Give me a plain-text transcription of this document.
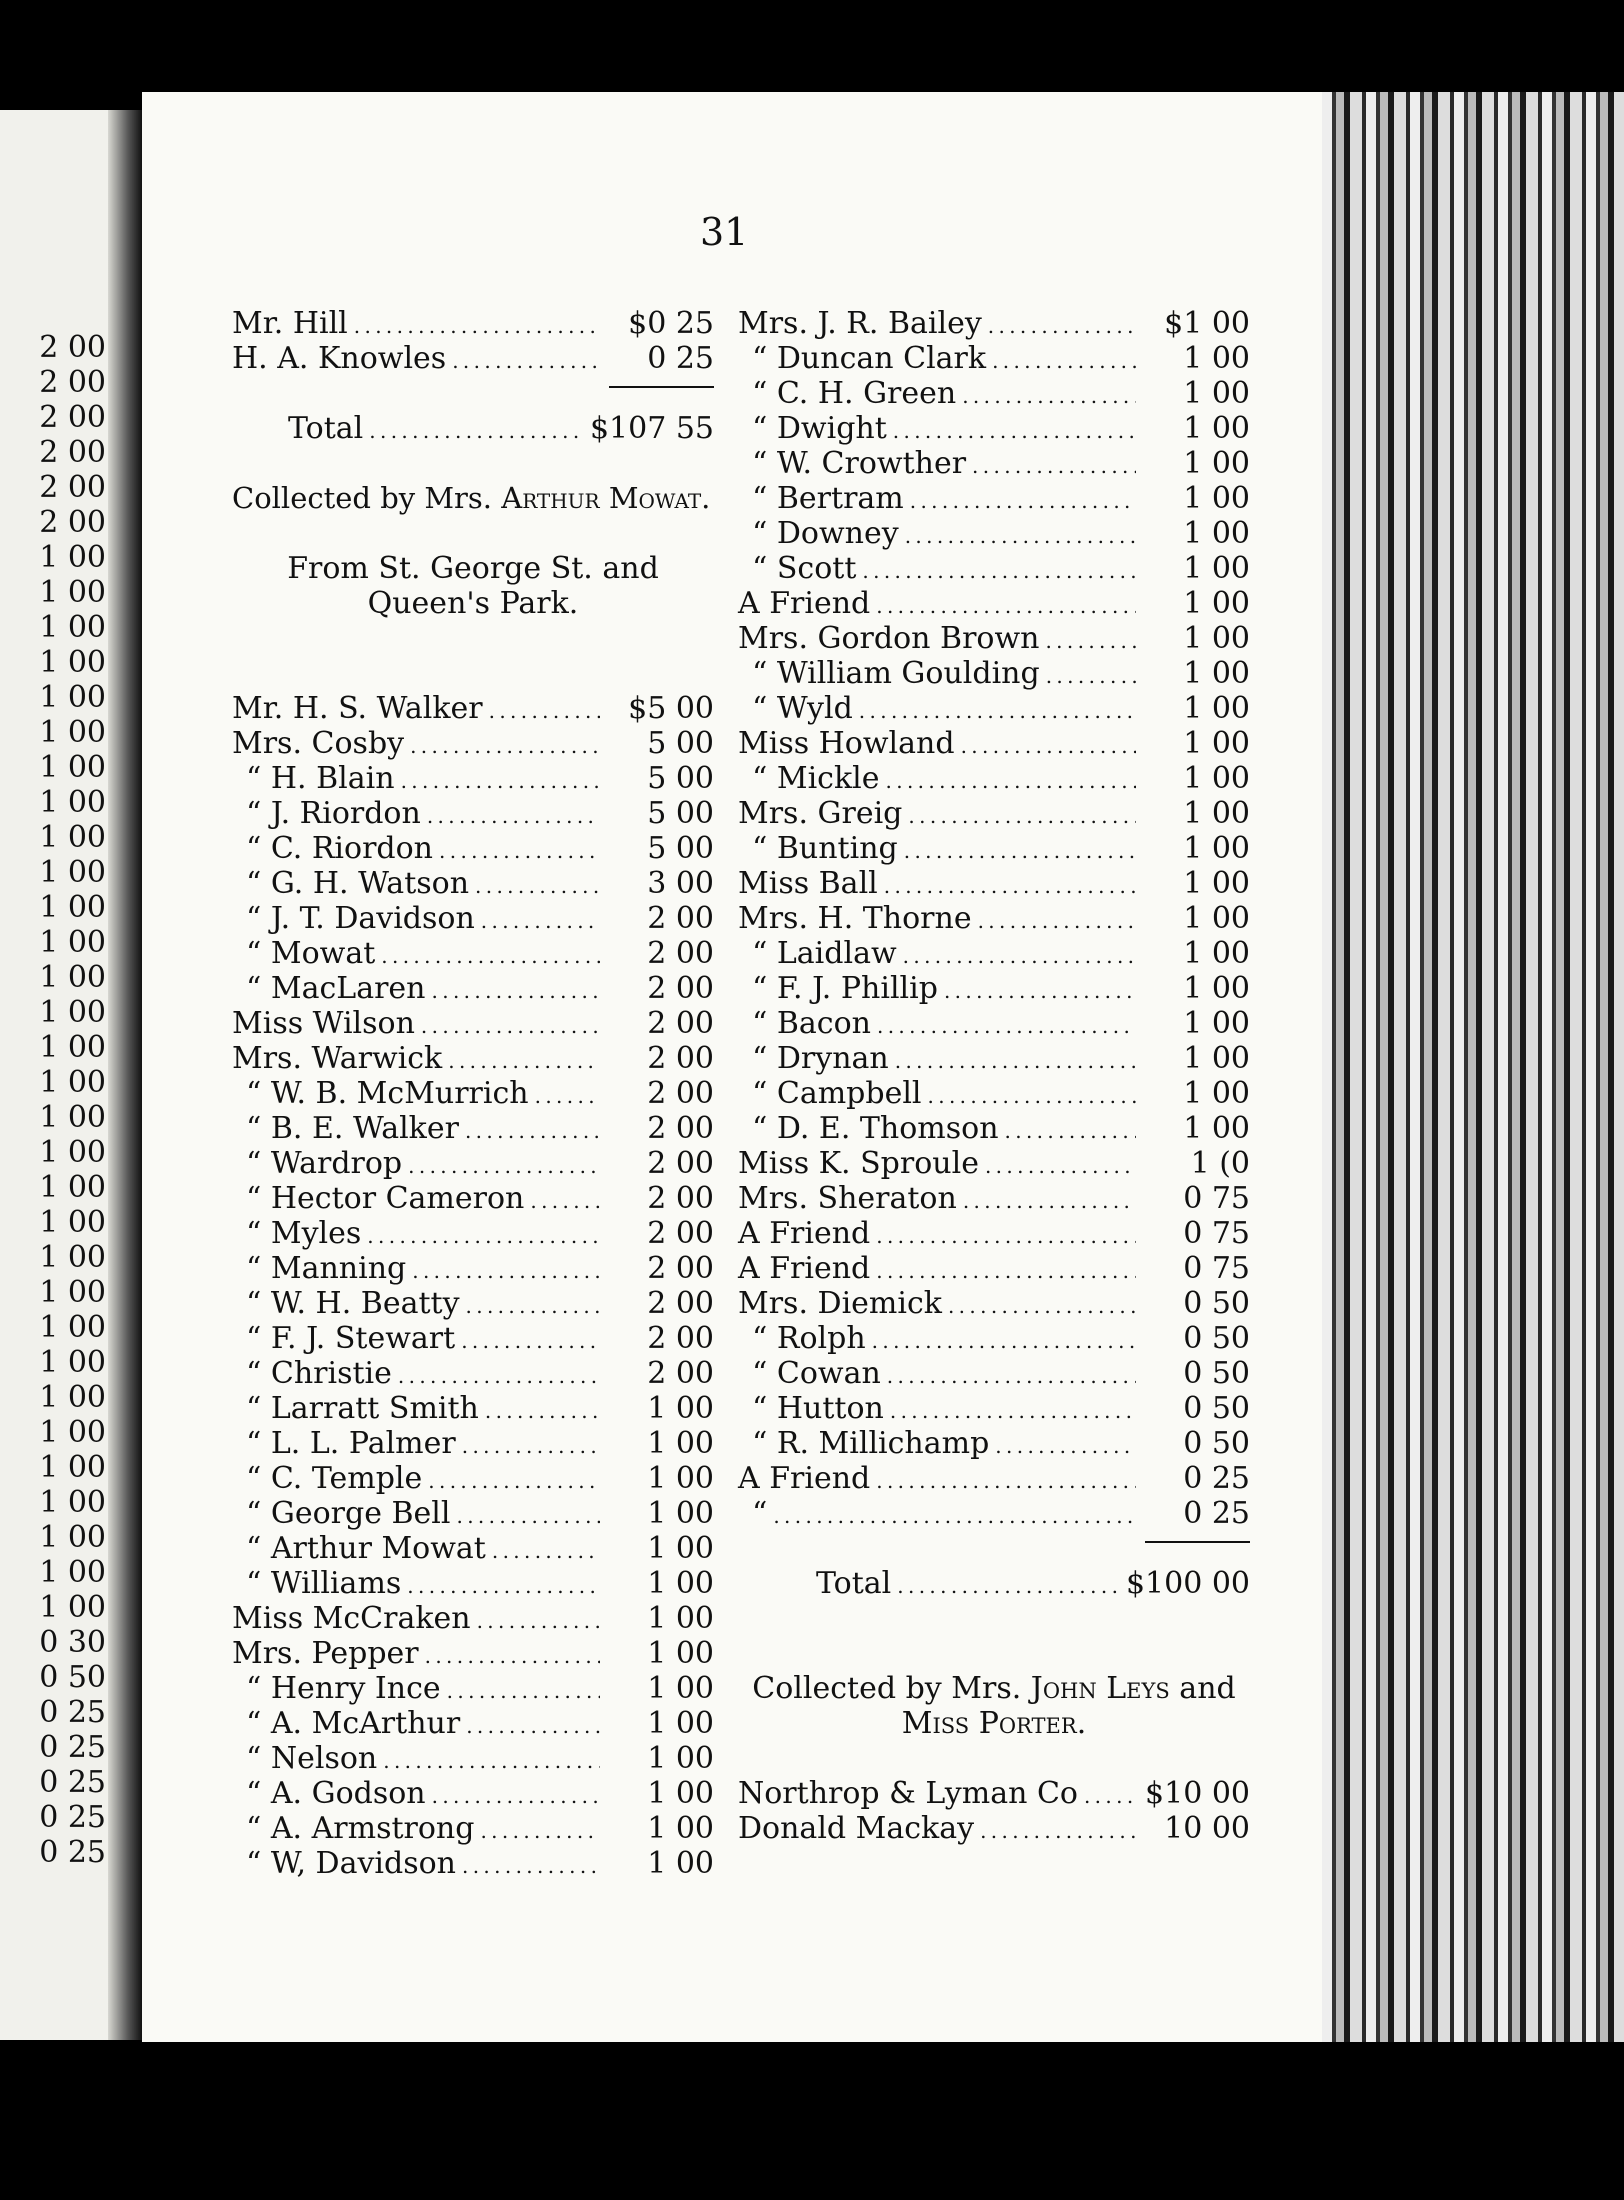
2 00
2 00
2 00
2 00
2 00
2 00
1 00
1 00
1 00
1 00
1 00
1 00
1 00
1 00
1 00
1 00
1 00
1 00
1 00
1 00
1 00
1 00
1 00
1 00
1 00
1 00
1 00
1 00
1 00
1 00
1 00
1 00
1 00
1 00
1 00
1 00
1 00
0 30
0 50
0 25
0 25
0 25
0 25
0 25
31
Mr. Hill . . .	$0 25
H. A. Knowles . . .	0 25
Total . . .	$107 55
Collected by Mrs. Arthur Mowat.
From St. George St. and Queen's Park.
Mr. H. S. Walker . . .	$5 00
Mrs. Cosby . . .	5 00
“ H. Blain . . .	5 00
“ J. Riordon . . .	5 00
“ C. Riordon . . .	5 00
“ G. H. Watson . . .	3 00
“ J. T. Davidson . . .	2 00
“ Mowat . . .	2 00
“ MacLaren . . .	2 00
Miss Wilson . . .	2 00
Mrs. Warwick . . .	2 00
“ W. B. McMurrich . . .	2 00
“ B. E. Walker . . .	2 00
“ Wardrop . . .	2 00
“ Hector Cameron . . .	2 00
“ Myles . . .	2 00
“ Manning . . .	2 00
“ W. H. Beatty . . .	2 00
“ F. J. Stewart . . .	2 00
“ Christie . . .	2 00
“ Larratt Smith . . .	1 00
“ L. L. Palmer . . .	1 00
“ C. Temple . . .	1 00
“ George Bell . . .	1 00
“ Arthur Mowat . . .	1 00
“ Williams . . .	1 00
Miss McCraken . . .	1 00
Mrs. Pepper . . .	1 00
“ Henry Ince . . .	1 00
“ A. McArthur . . .	1 00
“ Nelson . . .	1 00
“ A. Godson . . .	1 00
“ A. Armstrong . . .	1 00
“ W, Davidson . . .	1 00
Mrs. J. R. Bailey . . .	$1 00
“ Duncan Clark . . .	1 00
“ C. H. Green . . .	1 00
“ Dwight . . .	1 00
“ W. Crowther . . .	1 00
“ Bertram . . .	1 00
“ Downey . . .	1 00
“ Scott . . .	1 00
A Friend . . .	1 00
Mrs. Gordon Brown . . .	1 00
“ William Goulding . . .	1 00
“ Wyld . . .	1 00
Miss Howland . . .	1 00
“ Mickle . . .	1 00
Mrs. Greig . . .	1 00
“ Bunting . . .	1 00
Miss Ball . . .	1 00
Mrs. H. Thorne . . .	1 00
“ Laidlaw . . .	1 00
“ F. J. Phillip . . .	1 00
“ Bacon . . .	1 00
“ Drynan . . .	1 00
“ Campbell . . .	1 00
“ D. E. Thomson . . .	1 00
Miss K. Sproule . . .	1 (0
Mrs. Sheraton . . .	0 75
A Friend . . .	0 75
A Friend . . .	0 75
Mrs. Diemick . . .	0 50
“ Rolph . . .	0 50
“ Cowan . . .	0 50
“ Hutton . . .	0 50
“ R. Millichamp . . .	0 50
A Friend . . .	0 25
“ . . .	0 25
Total . . .	$100 00
Collected by Mrs. John Leys and
Miss Porter.
Northrop & Lyman Co . . . $10 00
Donald Mackay . . .	10 00
